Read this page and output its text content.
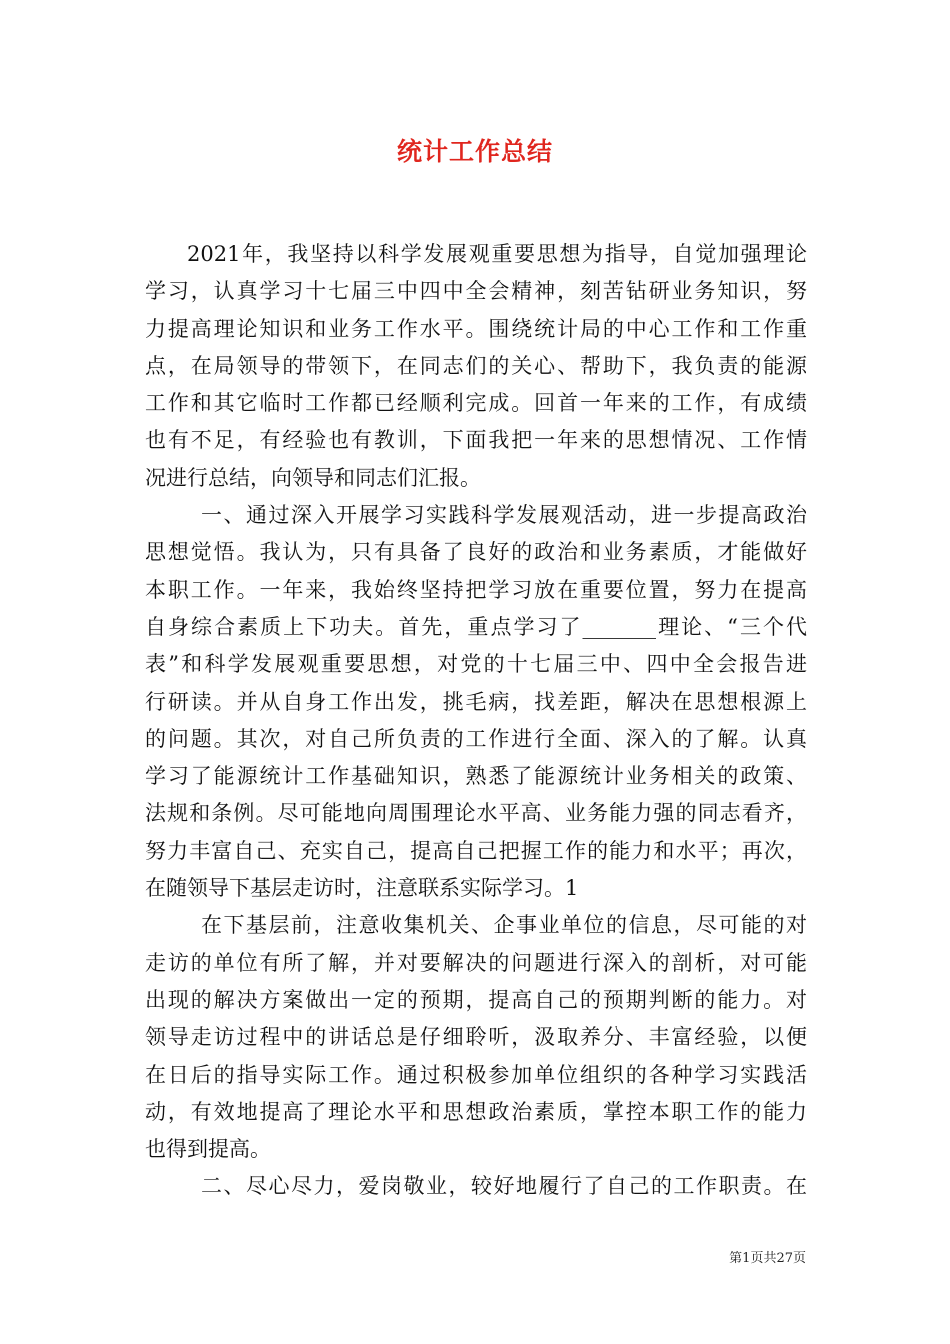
统计工作总结
2021年，我坚持以科学发展观重要思想为指导，自觉加强理论
学习，认真学习十七届三中四中全会精神，刻苦钻研业务知识，努
力提高理论知识和业务工作水平。围绕统计局的中心工作和工作重
点，在局领导的带领下，在同志们的关心、帮助下，我负责的能源
工作和其它临时工作都已经顺利完成。回首一年来的工作，有成绩
也有不足，有经验也有教训，下面我把一年来的思想情况、工作情
况进行总结，向领导和同志们汇报。
一、通过深入开展学习实践科学发展观活动，进一步提高政治
思想觉悟。我认为，只有具备了良好的政治和业务素质，才能做好
本职工作。一年来，我始终坚持把学习放在重要位置，努力在提高
自身综合素质上下功夫。首先，重点学习了_______理论、“三个代
表”和科学发展观重要思想，对党的十七届三中、四中全会报告进
行研读。并从自身工作出发，挑毛病，找差距，解决在思想根源上
的问题。其次，对自己所负责的工作进行全面、深入的了解。认真
学习了能源统计工作基础知识，熟悉了能源统计业务相关的政策、
法规和条例。尽可能地向周围理论水平高、业务能力强的同志看齐，
努力丰富自己、充实自己，提高自己把握工作的能力和水平；再次，
在随领导下基层走访时，注意联系实际学习。1
在下基层前，注意收集机关、企事业单位的信息，尽可能的对
走访的单位有所了解，并对要解决的问题进行深入的剖析，对可能
出现的解决方案做出一定的预期，提高自己的预期判断的能力。对
领导走访过程中的讲话总是仔细聆听，汲取养分、丰富经验，以便
在日后的指导实际工作。通过积极参加单位组织的各种学习实践活
动，有效地提高了理论水平和思想政治素质，掌控本职工作的能力
也得到提高。
二、尽心尽力，爱岗敬业，较好地履行了自己的工作职责。在
第1页共27页
